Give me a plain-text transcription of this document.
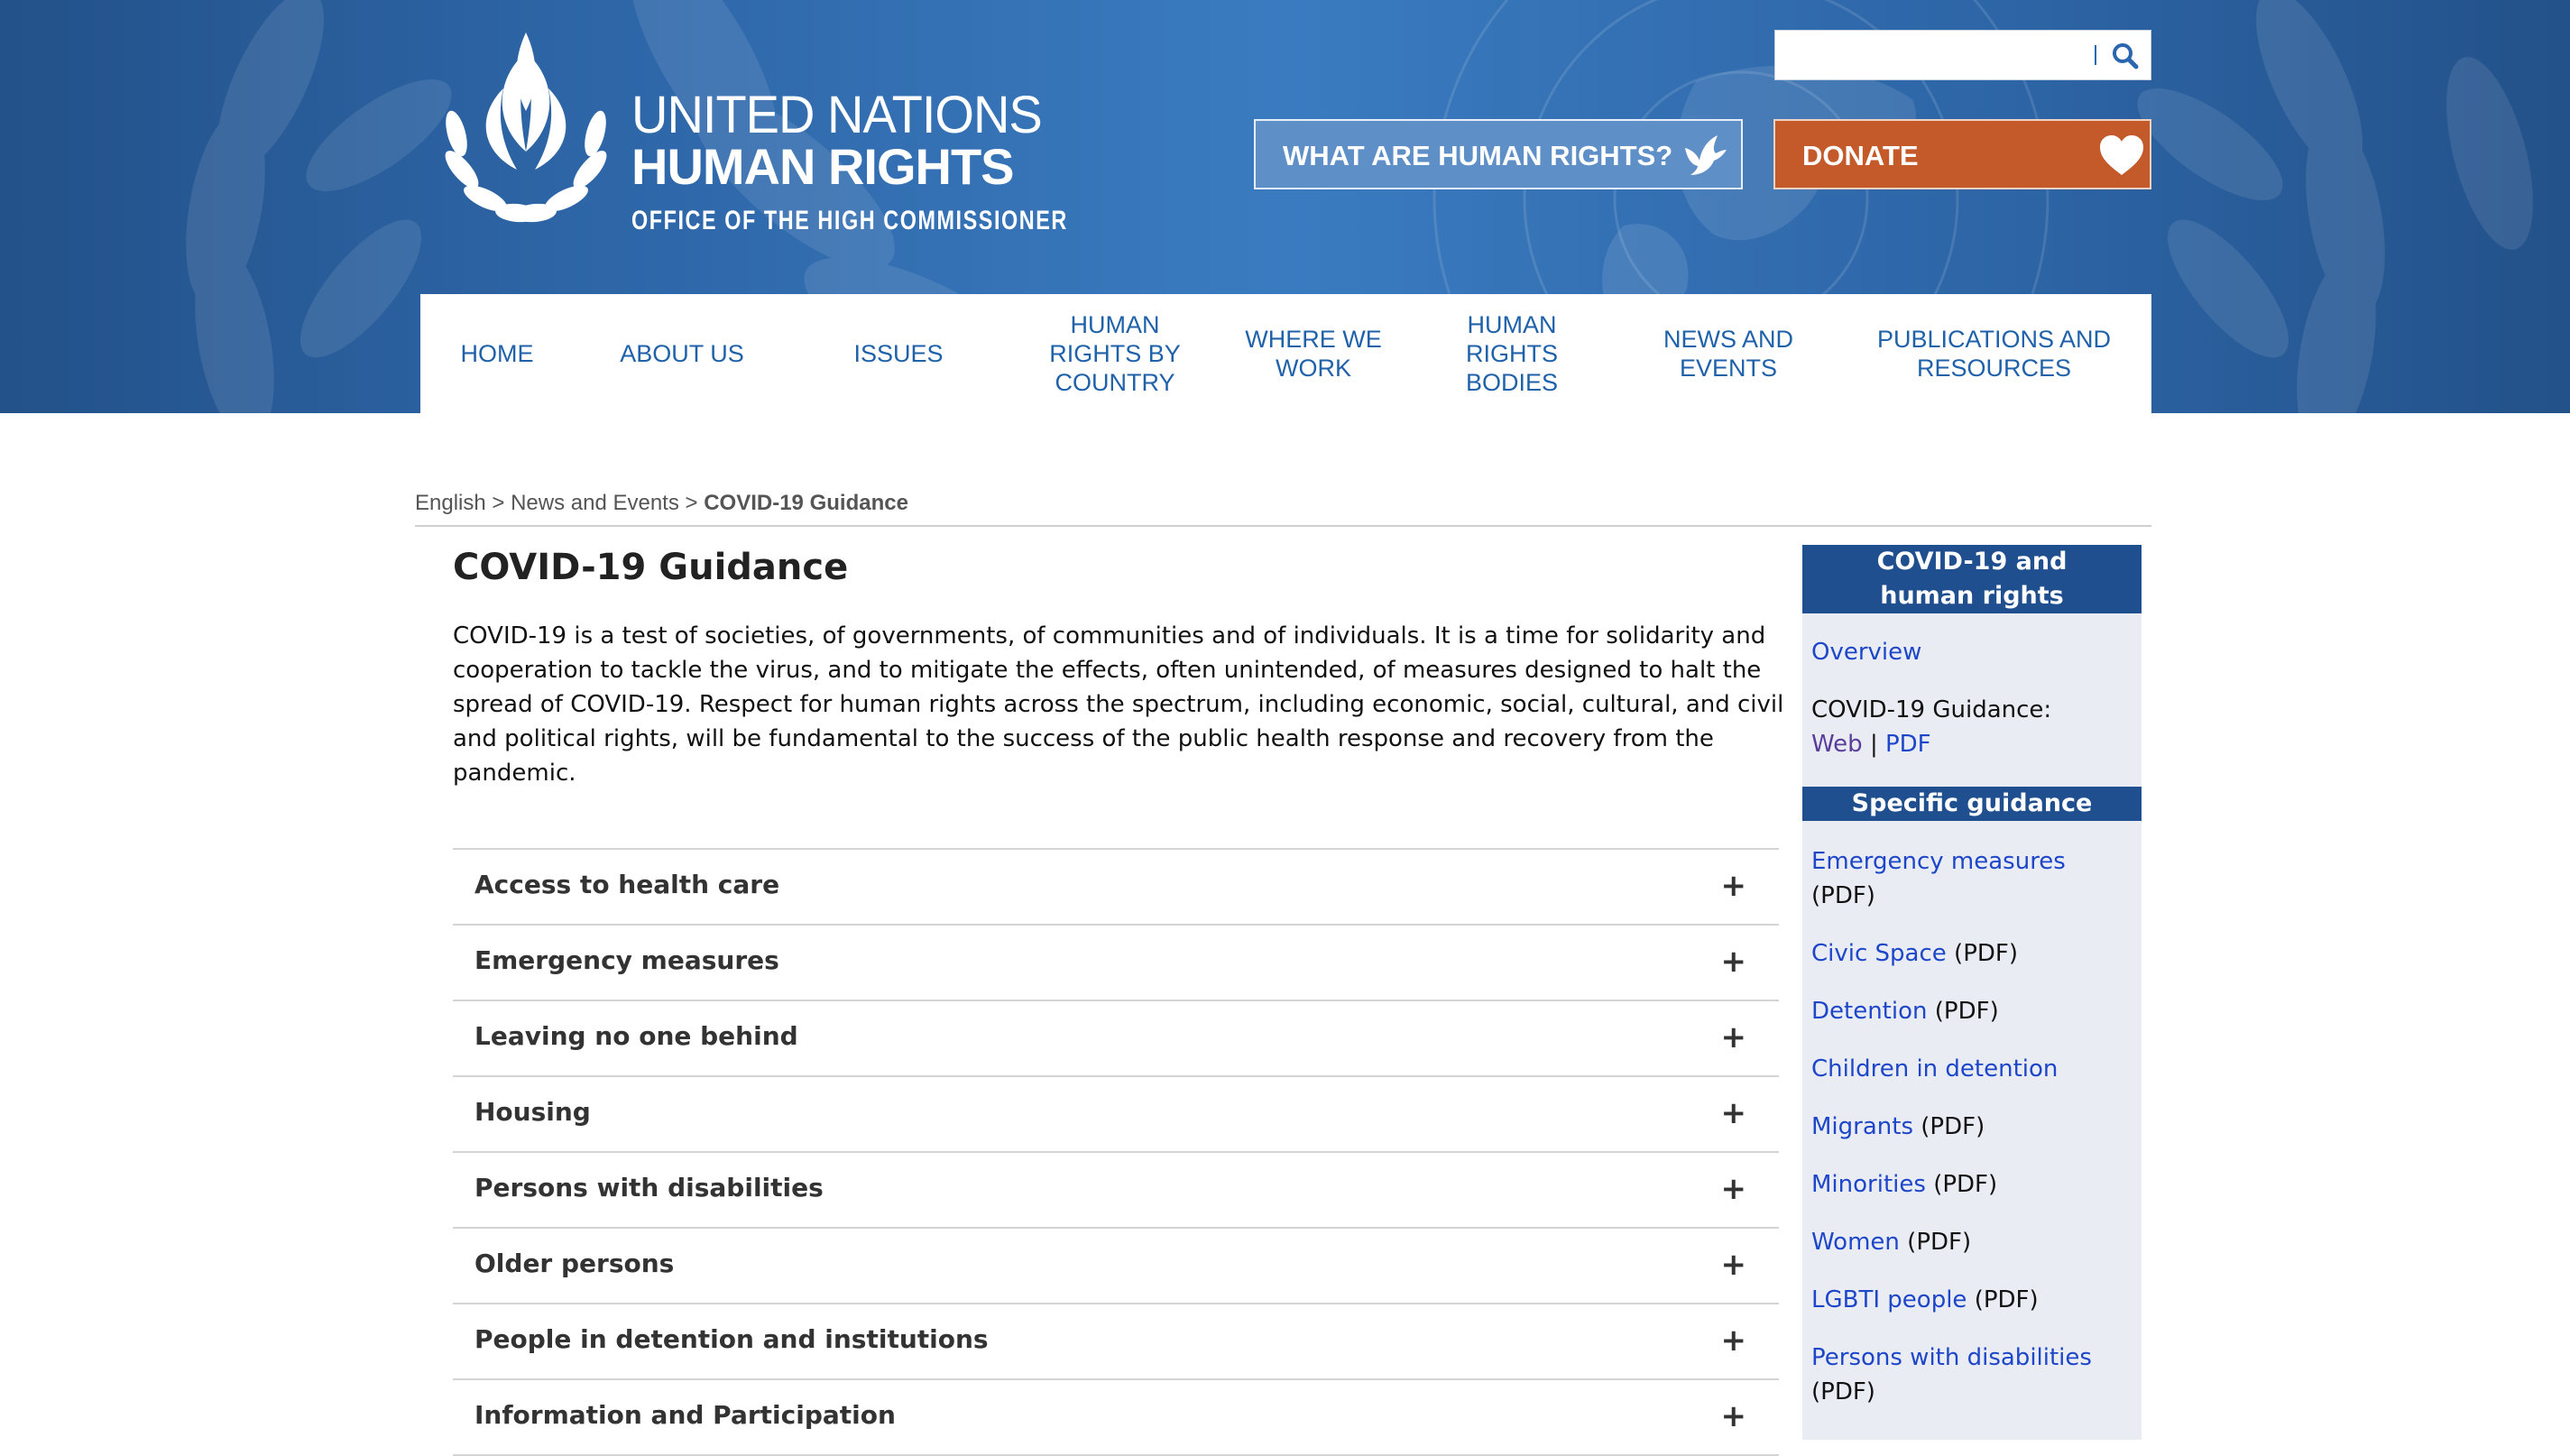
UNITED NATIONS
HUMAN RIGHTS
OFFICE OF THE HIGH COMMISSIONER
WHAT ARE HUMAN RIGHTS?	DONATE
HOME	ABOUT US	ISSUES
HUMAN RIGHTS BY COUNTRY
WHERE WE WORK
HUMAN RIGHTS BODIES
NEWS AND EVENTS
PUBLICATIONS AND RESOURCES
English > News and Events > COVID-19 Guidance
COVID-19 Guidance

COVID-19 is a test of societies, of governments, of communities and of individuals. It is a time for solidarity and cooperation to tackle the virus, and to mitigate the effects, often unintended, of measures designed to halt the spread of COVID-19. Respect for human rights across the spectrum, including economic, social, cultural, and civil and political rights, will be fundamental to the success of the public health response and recovery from the pandemic.

Access to health care	+
Emergency measures	+
Leaving no one behind	+
Housing	+
Persons with disabilities	+
Older persons	+
People in detention and institutions	+
Information and Participation	+
COVID-19 and human rights
Overview
COVID-19 Guidance:
Web | PDF
Specific guidance
Emergency measures
(PDF)
Civic Space (PDF)
Detention (PDF)
Children in detention
Migrants (PDF)
Minorities (PDF)
Women (PDF)
LGBTI people (PDF)
Persons with disabilities
(PDF)
